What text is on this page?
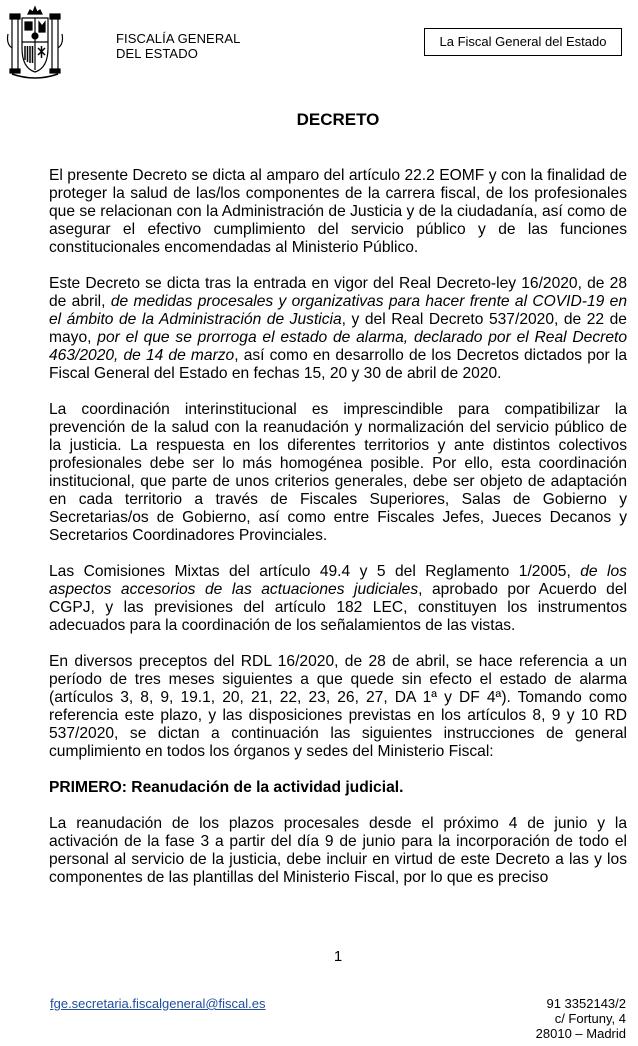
FISCALÍA GENERAL
DEL ESTADO
La Fiscal General del Estado
DECRETO

El presente Decreto se dicta al amparo del artículo 22.2 EOMF y con la finalidad de proteger la salud de las/los componentes de la carrera fiscal, de los profesionales que se relacionan con la Administración de Justicia y de la ciudadanía, así como de asegurar el efectivo cumplimiento del servicio público y de las funciones constitucionales encomendadas al Ministerio Público.

Este Decreto se dicta tras la entrada en vigor del Real Decreto-ley 16/2020, de 28 de abril, de medidas procesales y organizativas para hacer frente al COVID-19 en el ámbito de la Administración de Justicia, y del Real Decreto 537/2020, de 22 de mayo, por el que se prorroga el estado de alarma, declarado por el Real Decreto 463/2020, de 14 de marzo, así como en desarrollo de los Decretos dictados por la Fiscal General del Estado en fechas 15, 20 y 30 de abril de 2020.

La coordinación interinstitucional es imprescindible para compatibilizar la prevención de la salud con la reanudación y normalización del servicio público de la justicia. La respuesta en los diferentes territorios y ante distintos colectivos profesionales debe ser lo más homogénea posible. Por ello, esta coordinación institucional, que parte de unos criterios generales, debe ser objeto de adaptación en cada territorio a través de Fiscales Superiores, Salas de Gobierno y Secretarias/os de Gobierno, así como entre Fiscales Jefes, Jueces Decanos y Secretarios Coordinadores Provinciales.

Las Comisiones Mixtas del artículo 49.4 y 5 del Reglamento 1/2005, de los aspectos accesorios de las actuaciones judiciales, aprobado por Acuerdo del CGPJ, y las previsiones del artículo 182 LEC, constituyen los instrumentos adecuados para la coordinación de los señalamientos de las vistas.

En diversos preceptos del RDL 16/2020, de 28 de abril, se hace referencia a un período de tres meses siguientes a que quede sin efecto el estado de alarma (artículos 3, 8, 9, 19.1, 20, 21, 22, 23, 26, 27, DA 1ª y DF 4ª). Tomando como referencia este plazo, y las disposiciones previstas en los artículos 8, 9 y 10 RD 537/2020, se dictan a continuación las siguientes instrucciones de general cumplimiento en todos los órganos y sedes del Ministerio Fiscal:

PRIMERO: Reanudación de la actividad judicial.

La reanudación de los plazos procesales desde el próximo 4 de junio y la activación de la fase 3 a partir del día 9 de junio para la incorporación de todo el personal al servicio de la justicia, debe incluir en virtud de este Decreto a las y los componentes de las plantillas del Ministerio Fiscal, por lo que es preciso

1
fge.secretaria.fiscalgeneral@fiscal.es	91 3352143/2
c/ Fortuny, 4
28010 – Madrid
